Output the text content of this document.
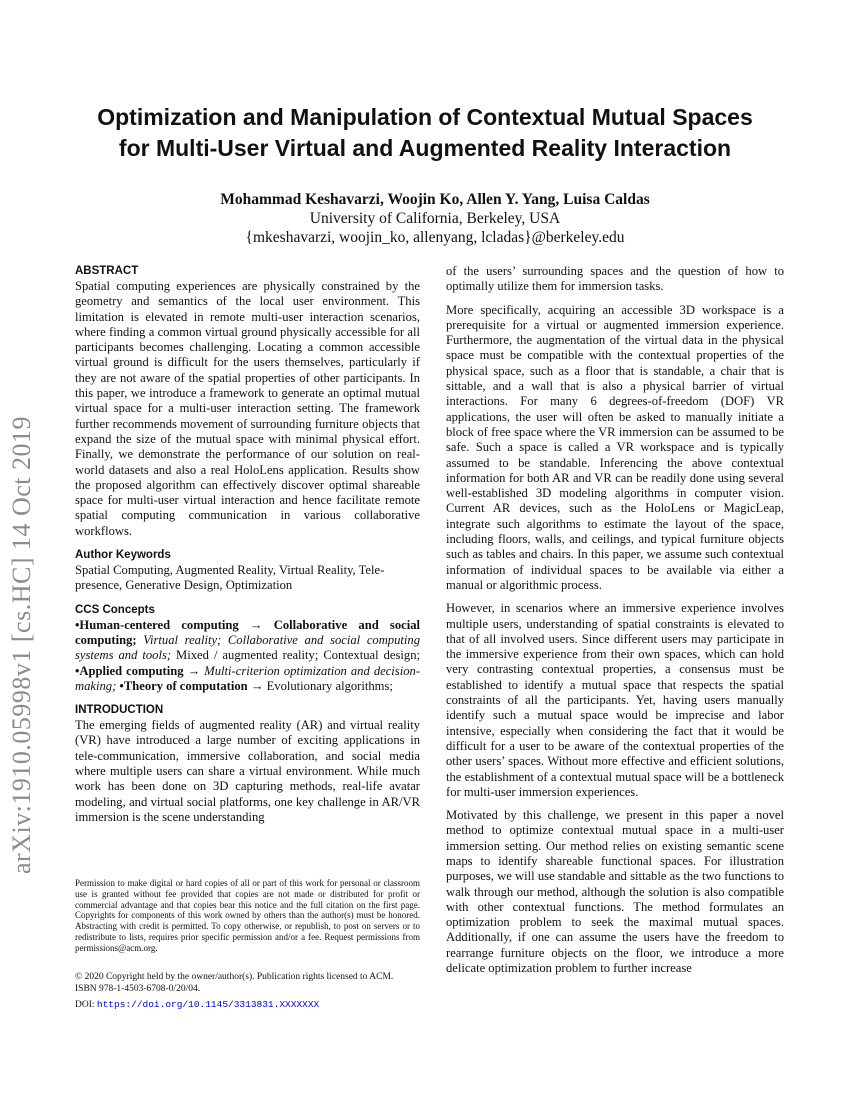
arXiv:1910.05998v1 [cs.HC] 14 Oct 2019
Optimization and Manipulation of Contextual Mutual Spaces
for Multi-User Virtual and Augmented Reality Interaction
Mohammad Keshavarzi, Woojin Ko, Allen Y. Yang, Luisa Caldas
University of California, Berkeley, USA
{mkeshavarzi, woojin_ko, allenyang, lcladas}@berkeley.edu
ABSTRACT

Spatial computing experiences are physically constrained by the geometry and semantics of the local user environment. This limitation is elevated in remote multi-user interaction scenarios, where finding a common virtual ground physically accessible for all participants becomes challenging. Locating a common accessible virtual ground is difficult for the users themselves, particularly if they are not aware of the spatial properties of other participants. In this paper, we introduce a framework to generate an optimal mutual virtual space for a multi-user interaction setting. The framework further recommends movement of surrounding furniture objects that expand the size of the mutual space with minimal physical effort. Finally, we demonstrate the performance of our solution on real-world datasets and also a real HoloLens application. Results show the proposed algorithm can effectively discover optimal shareable space for multi-user virtual interaction and hence facilitate remote spatial computing communication in various collaborative workflows.

Author Keywords

Spatial Computing, Augmented Reality, Virtual Reality, Tele-presence, Generative Design, Optimization

CCS Concepts

•Human-centered computing → Collaborative and social computing; Virtual reality; Collaborative and social computing systems and tools; Mixed / augmented reality; Contextual design; •Applied computing → Multi-criterion optimization and decision-making; •Theory of computation → Evolutionary algorithms;

INTRODUCTION

The emerging fields of augmented reality (AR) and virtual reality (VR) have introduced a large number of exciting applications in tele-communication, immersive collaboration, and social media where multiple users can share a virtual environment. While much work has been done on 3D capturing methods, real-life avatar modeling, and virtual social platforms, one key challenge in AR/VR immersion is the scene understanding

Permission to make digital or hard copies of all or part of this work for personal or classroom use is granted without fee provided that copies are not made or distributed for profit or commercial advantage and that copies bear this notice and the full citation on the first page. Copyrights for components of this work owned by others than the author(s) must be honored. Abstracting with credit is permitted. To copy otherwise, or republish, to post on servers or to redistribute to lists, requires prior specific permission and/or a fee. Request permissions from permissions@acm.org.
© 2020 Copyright held by the owner/author(s). Publication rights licensed to ACM.
ISBN 978-1-4503-6708-0/20/04.
DOI: https://doi.org/10.1145/3313831.XXXXXXX

of the users’ surrounding spaces and the question of how to optimally utilize them for immersion tasks.

More specifically, acquiring an accessible 3D workspace is a prerequisite for a virtual or augmented immersion experience. Furthermore, the augmentation of the virtual data in the physical space must be compatible with the contextual properties of the physical space, such as a floor that is standable, a chair that is sittable, and a wall that is also a physical barrier of virtual interactions. For many 6 degrees-of-freedom (DOF) VR applications, the user will often be asked to manually initiate a block of free space where the VR immersion can be assumed to be safe. Such a space is called a VR workspace and is typically assumed to be standable. Inferencing the above contextual information for both AR and VR can be readily done using several well-established 3D modeling algorithms in computer vision. Current AR devices, such as the HoloLens or MagicLeap, integrate such algorithms to estimate the layout of the space, including floors, walls, and ceilings, and typical furniture objects such as tables and chairs. In this paper, we assume such contextual information of individual spaces to be available via either a manual or algorithmic process.

However, in scenarios where an immersive experience involves multiple users, understanding of spatial constraints is elevated to that of all involved users. Since different users may participate in the immersive experience from their own spaces, which can hold very contrasting contextual properties, a consensus must be established to identify a mutual space that respects the spatial constraints of all the participants. Yet, having users manually identify such a mutual space would be imprecise and labor intensive, especially when considering the fact that it would be difficult for a user to be aware of the contextual properties of the other users’ spaces. Without more effective and efficient solutions, the establishment of a contextual mutual space will be a bottleneck for multi-user immersion experiences.

Motivated by this challenge, we present in this paper a novel method to optimize contextual mutual space in a multi-user immersion setting. Our method relies on existing semantic scene maps to identify shareable functional spaces. For illustration purposes, we will use standable and sittable as the two functions to walk through our method, although the solution is also compatible with other contextual functions. The method formulates an optimization problem to seek the maximal mutual spaces. Additionally, if one can assume the users have the freedom to rearrange furniture objects on the floor, we introduce a more delicate optimization problem to further increase
